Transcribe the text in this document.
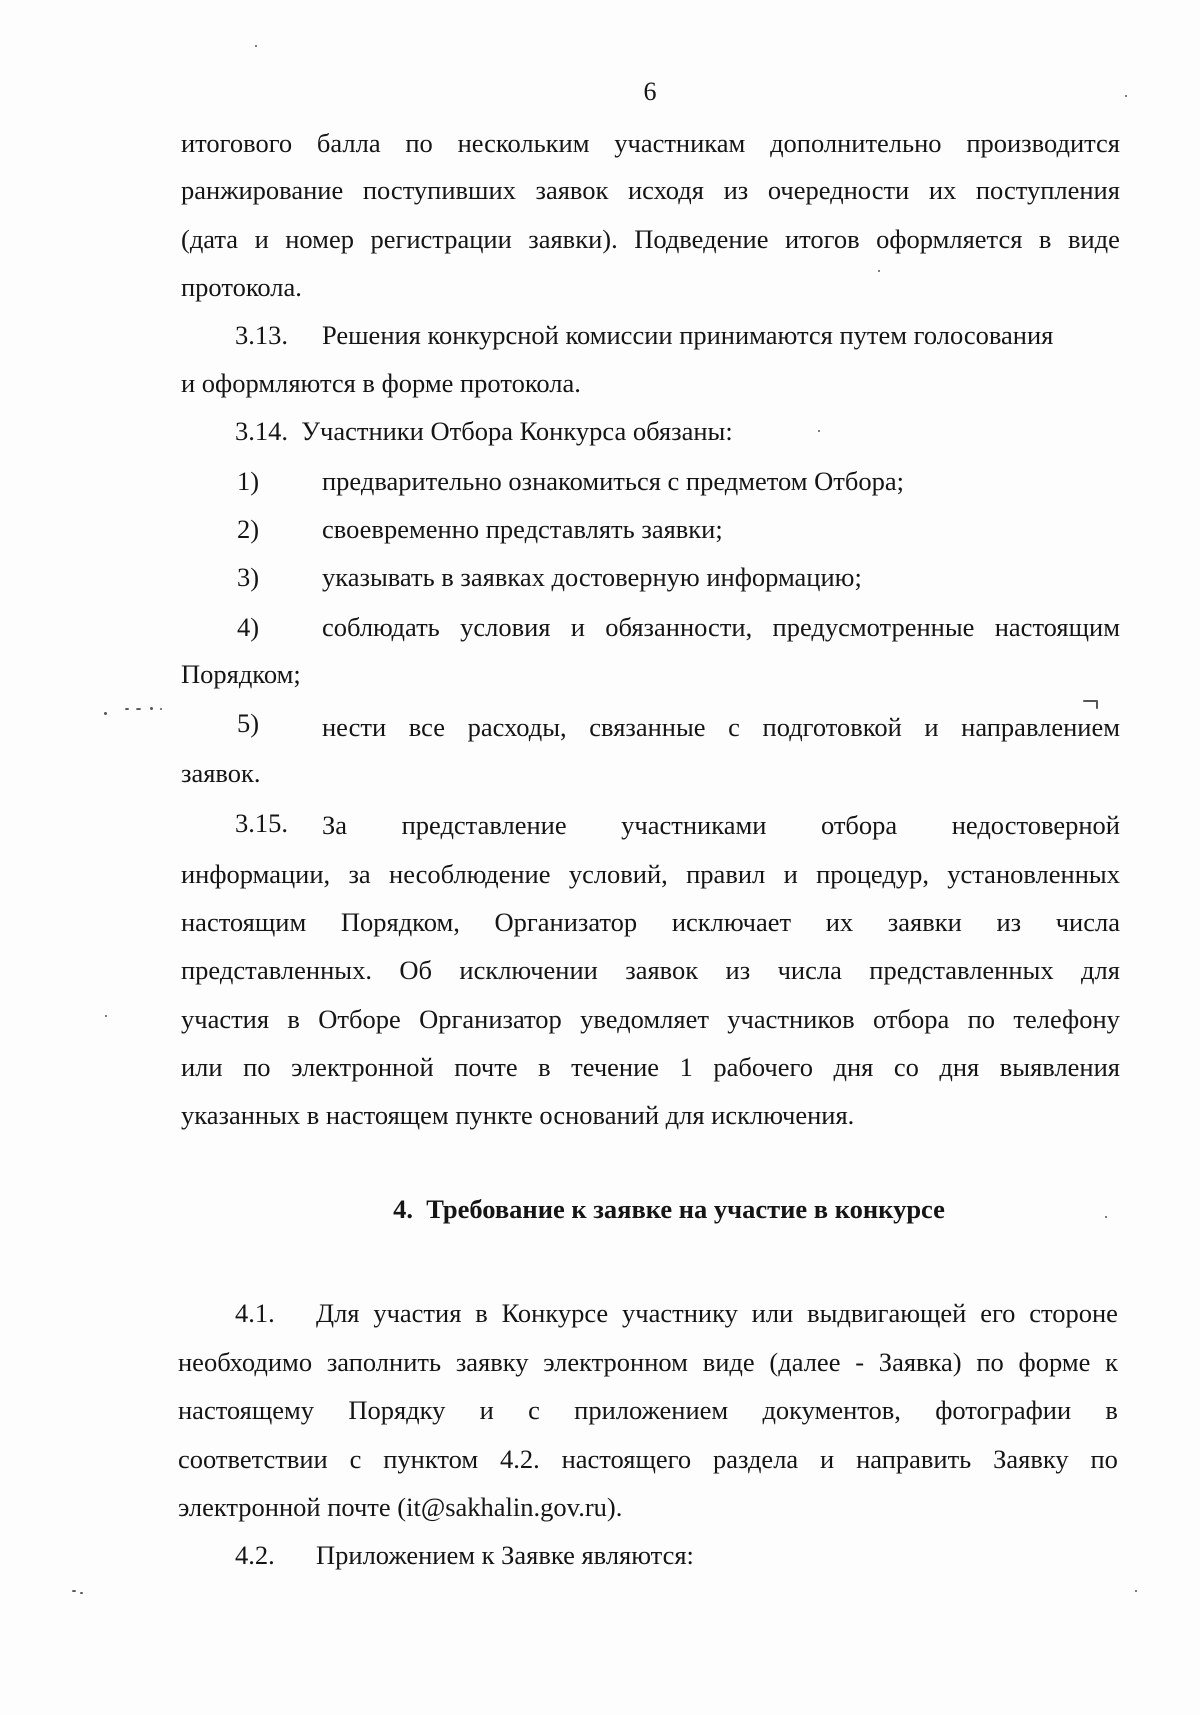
6
итогового балла по нескольким участникам дополнительно производится
ранжирование поступивших заявок исходя из очередности их поступления
(дата и номер регистрации заявки). Подведение итогов оформляется в виде
протокола.
3.13. Решения конкурсной комиссии принимаются путем голосования
и оформляются в форме протокола.
3.14.  Участники Отбора Конкурса обязаны:
1) предварительно ознакомиться с предметом Отбора;
2) своевременно представлять заявки;
3) указывать в заявках достоверную информацию;
4) соблюдать условия и обязанности, предусмотренные настоящим
Порядком;
5) нести все расходы, связанные с подготовкой и направлением
заявок.
3.15. За представление участниками отбора недостоверной
информации, за несоблюдение условий, правил и процедур, установленных
настоящим Порядком, Организатор исключает их заявки из числа
представленных. Об исключении заявок из числа представленных для
участия в Отборе Организатор уведомляет участников отбора по телефону
или по электронной почте в течение 1 рабочего дня со дня выявления
указанных в настоящем пункте оснований для исключения.
4.  Требование к заявке на участие в конкурсе
4.1. Для участия в Конкурсе участнику или выдвигающей его стороне
необходимо заполнить заявку электронном виде (далее - Заявка) по форме к
настоящему Порядку и с приложением документов, фотографии в
соответствии с пунктом 4.2. настоящего раздела и направить Заявку по
электронной почте (it@sakhalin.gov.ru).
4.2. Приложением к Заявке являются:
